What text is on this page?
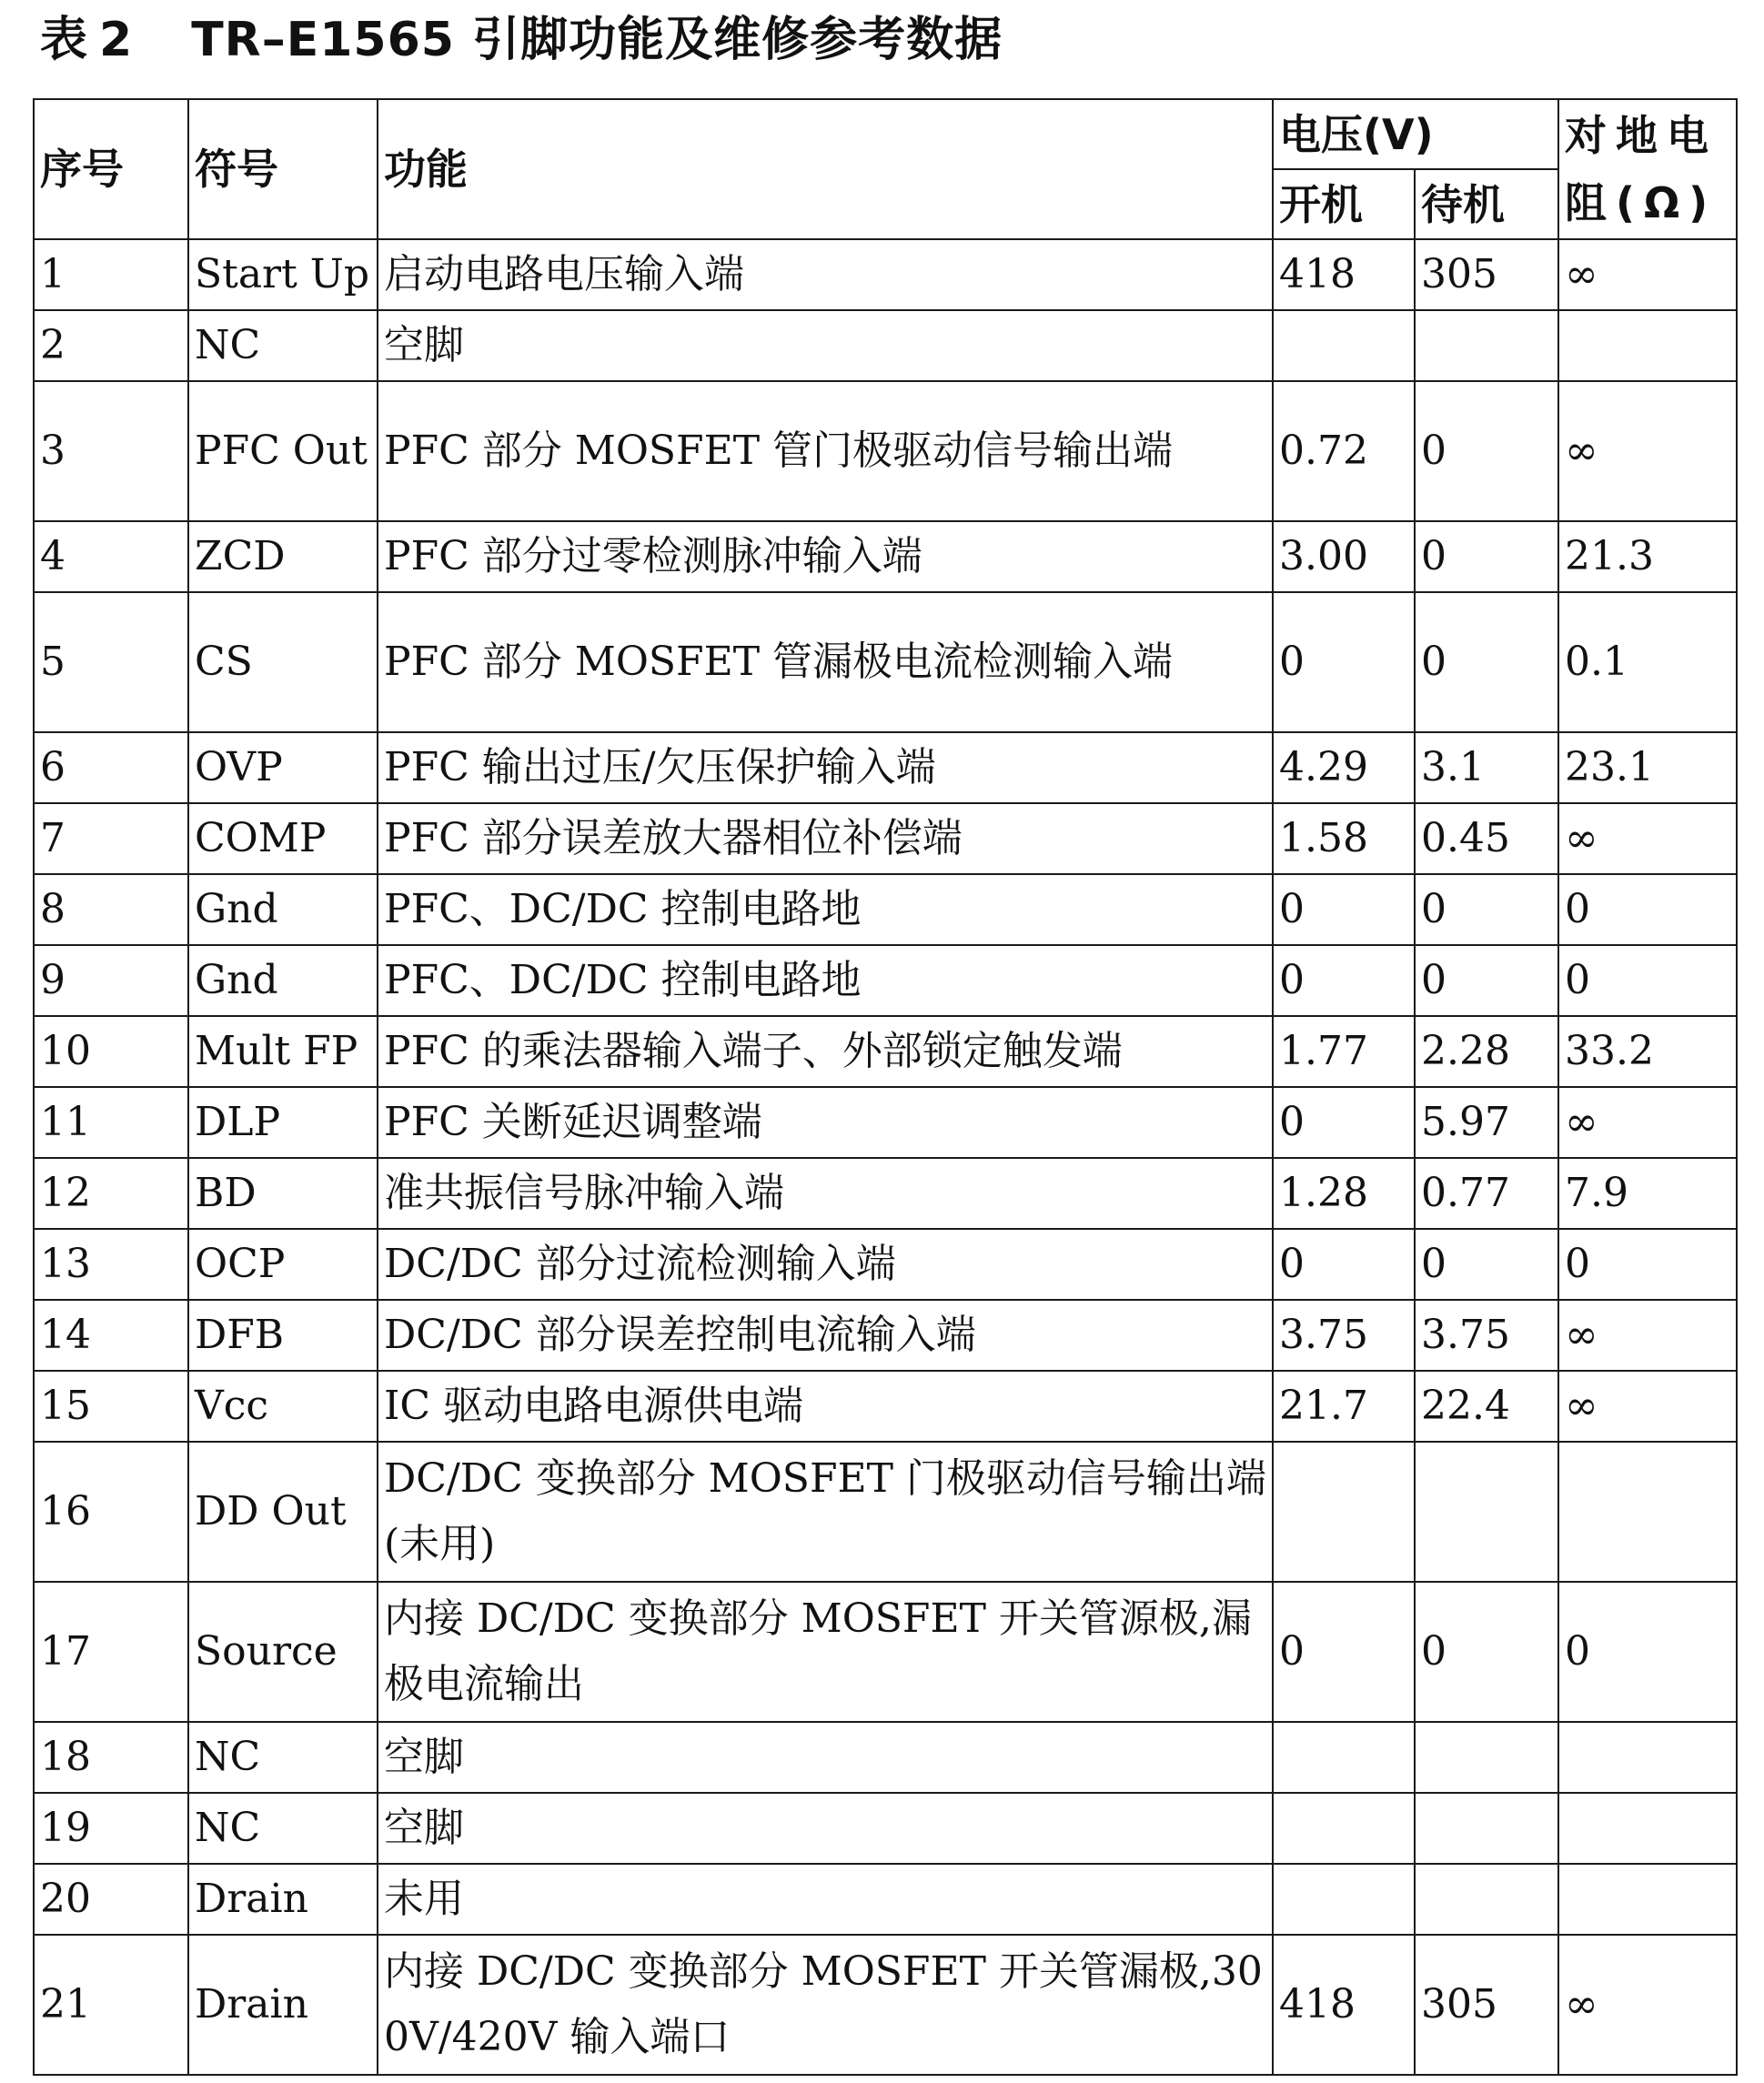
表 2 TR–E1565 引脚功能及维修参考数据
序号	符号	功能	电压(V)		对地电阻(Ω)
			开机	待机	
1	Start Up	启动电路电压输入端	418	305	∞
2	NC	空脚			
3	PFC Out	PFC 部分 MOSFET 管门极驱动信号输出端	0.72	0	∞
4	ZCD	PFC 部分过零检测脉冲输入端	3.00	0	21.3
5	CS	PFC 部分 MOSFET 管漏极电流检测输入端	0	0	0.1
6	OVP	PFC 输出过压/欠压保护输入端	4.29	3.1	23.1
7	COMP	PFC 部分误差放大器相位补偿端	1.58	0.45	∞
8	Gnd	PFC、DC/DC 控制电路地	0	0	0
9	Gnd	PFC、DC/DC 控制电路地	0	0	0
10	Mult FP	PFC 的乘法器输入端子、外部锁定触发端	1.77	2.28	33.2
11	DLP	PFC 关断延迟调整端	0	5.97	∞
12	BD	准共振信号脉冲输入端	1.28	0.77	7.9
13	OCP	DC/DC 部分过流检测输入端	0	0	0
14	DFB	DC/DC 部分误差控制电流输入端	3.75	3.75	∞
15	Vcc	IC 驱动电路电源供电端	21.7	22.4	∞
16	DD Out	DC/DC 变换部分 MOSFET 门极驱动信号输出端(未用)			
17	Source	内接 DC/DC 变换部分 MOSFET 开关管源极,漏极电流输出	0	0	0
18	NC	空脚			
19	NC	空脚			
20	Drain	未用			
21	Drain	内接 DC/DC 变换部分 MOSFET 开关管漏极,300V/420V 输入端口	418	305	∞
